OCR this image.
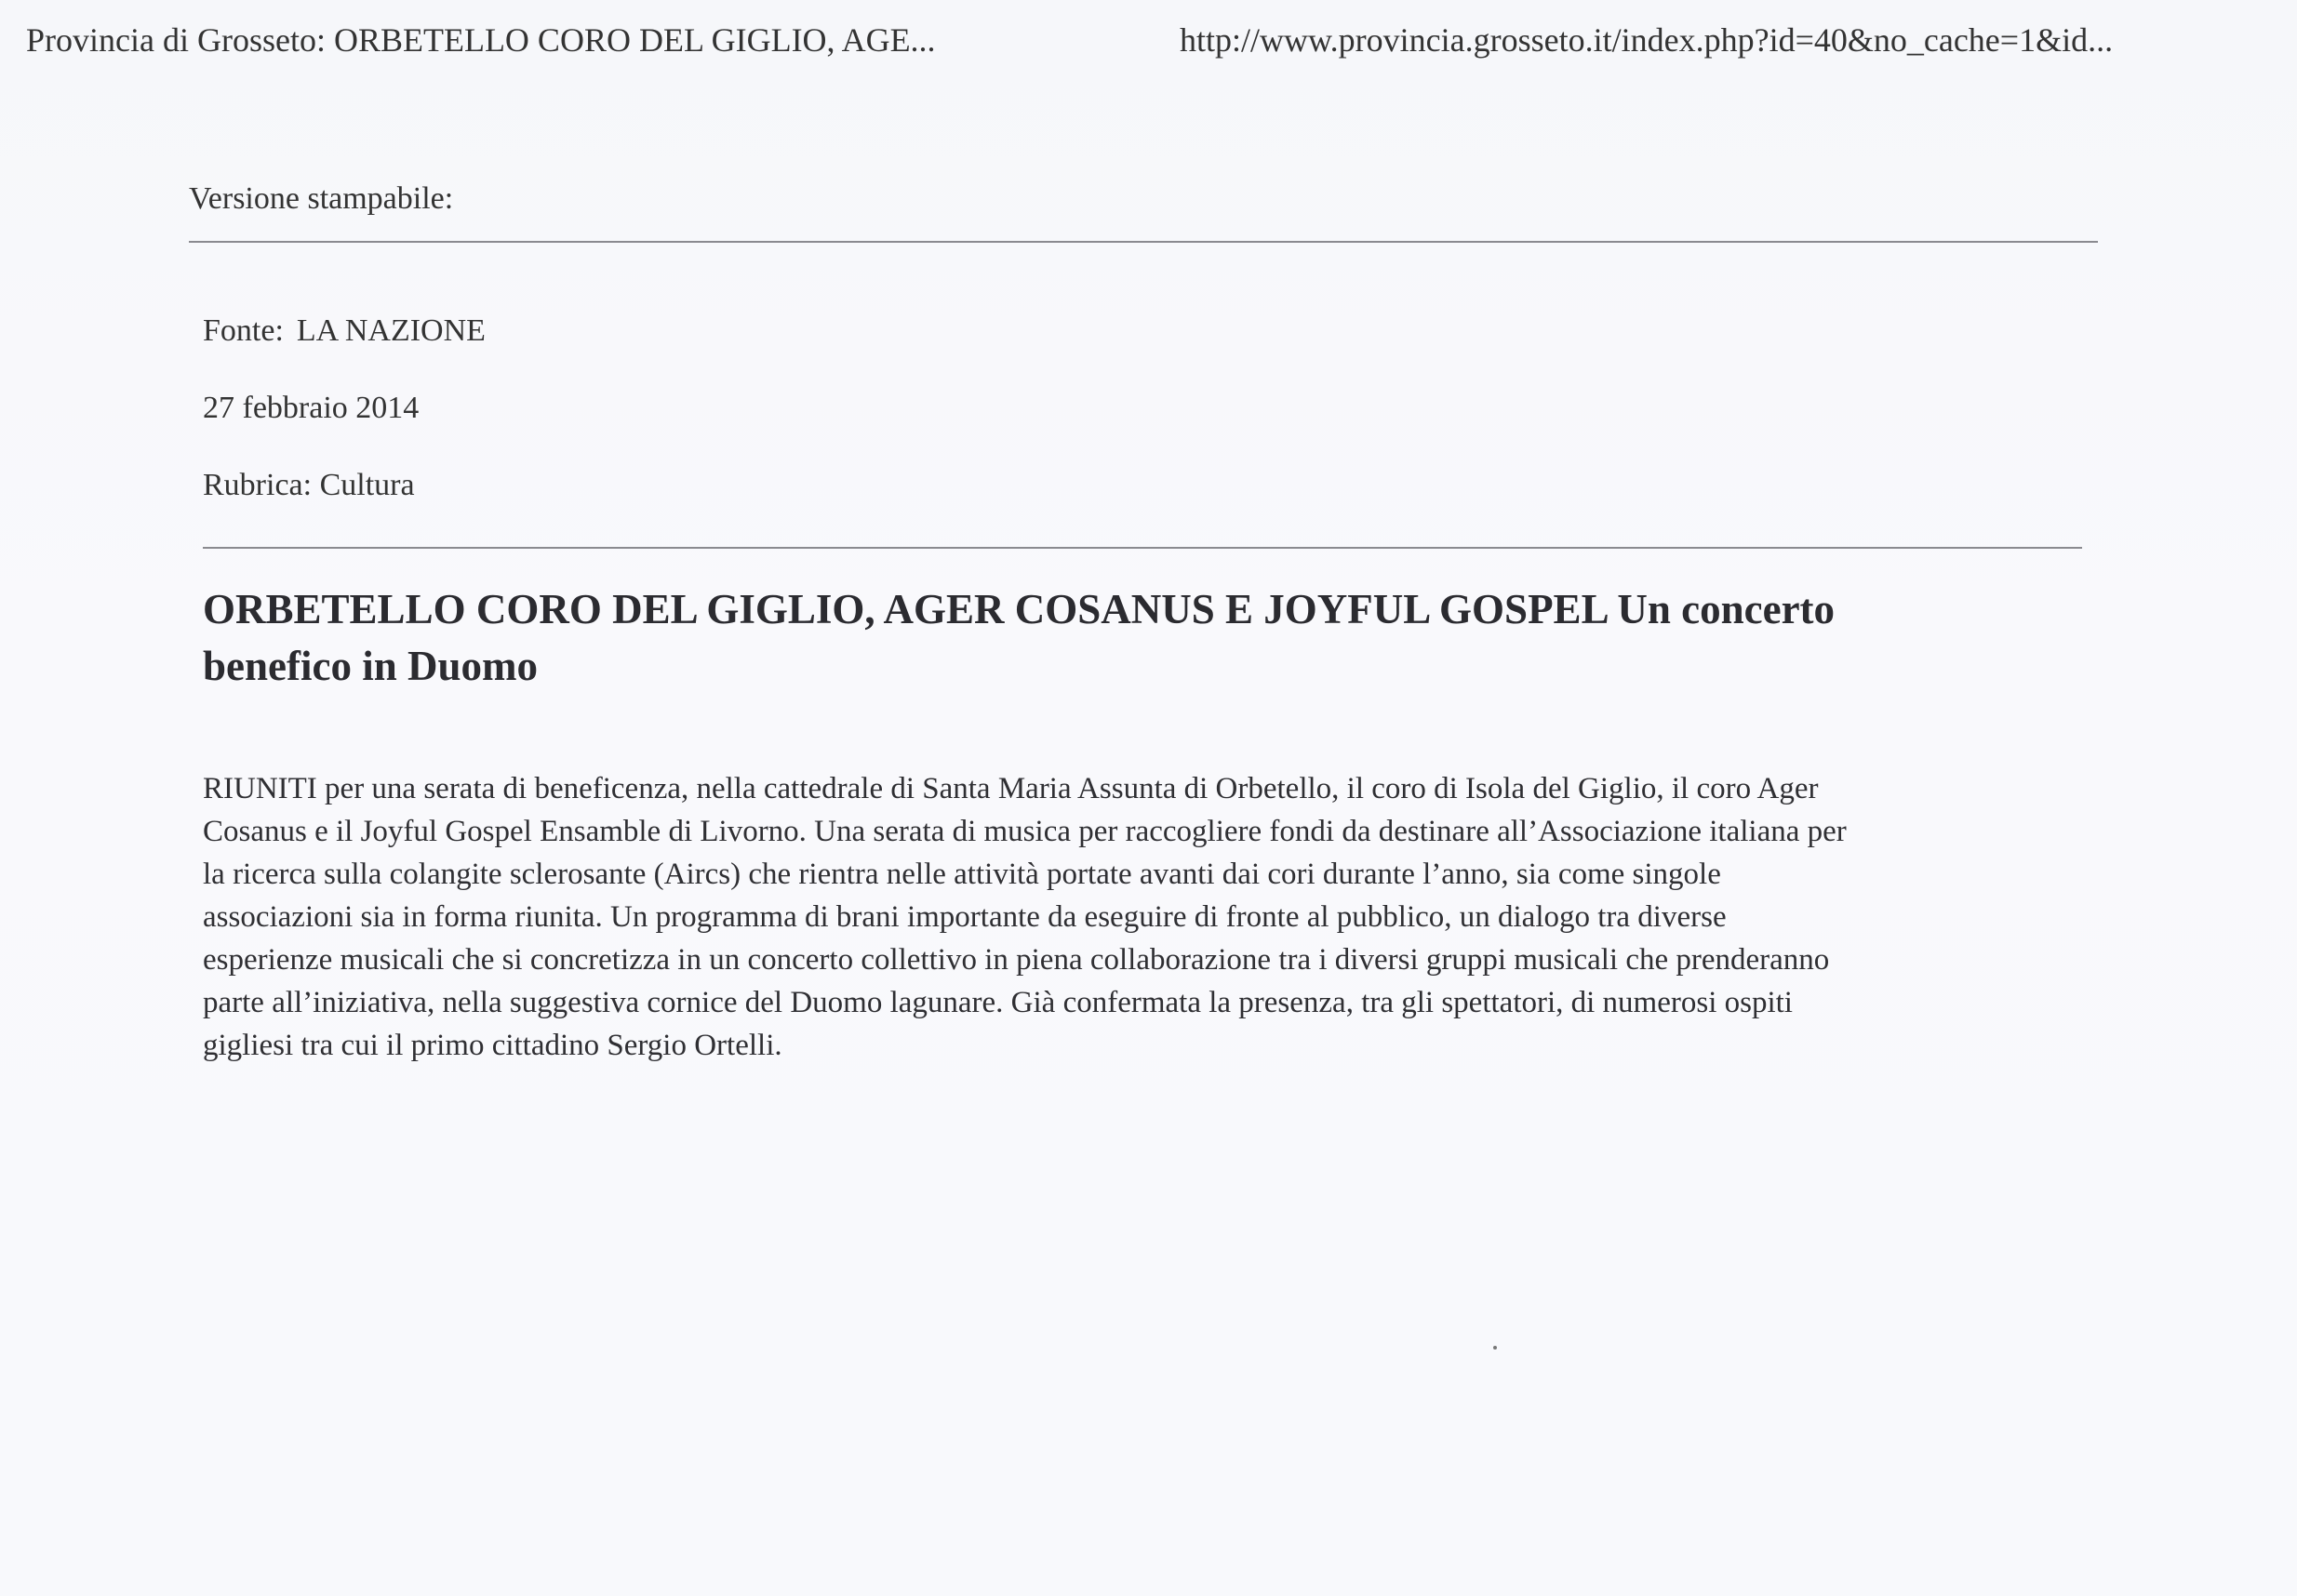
Provincia di Grosseto: ORBETELLO CORO DEL GIGLIO, AGE...	http://www.provincia.grosseto.it/index.php?id=40&no_cache=1&id...
Versione stampabile:
Fonte: LA NAZIONE
27 febbraio 2014
Rubrica: Cultura
ORBETELLO CORO DEL GIGLIO, AGER COSANUS E JOYFUL GOSPEL Un concerto
benefico in Duomo
RIUNITI per una serata di beneficenza, nella cattedrale di Santa Maria Assunta di Orbetello, il coro di Isola del Giglio, il coro Ager
Cosanus e il Joyful Gospel Ensamble di Livorno. Una serata di musica per raccogliere fondi da destinare all’Associazione italiana per
la ricerca sulla colangite sclerosante (Aircs) che rientra nelle attività portate avanti dai cori durante l’anno, sia come singole
associazioni sia in forma riunita. Un programma di brani importante da eseguire di fronte al pubblico, un dialogo tra diverse
esperienze musicali che si concretizza in un concerto collettivo in piena collaborazione tra i diversi gruppi musicali che prenderanno
parte all’iniziativa, nella suggestiva cornice del Duomo lagunare. Già confermata la presenza, tra gli spettatori, di numerosi ospiti
gigliesi tra cui il primo cittadino Sergio Ortelli.
